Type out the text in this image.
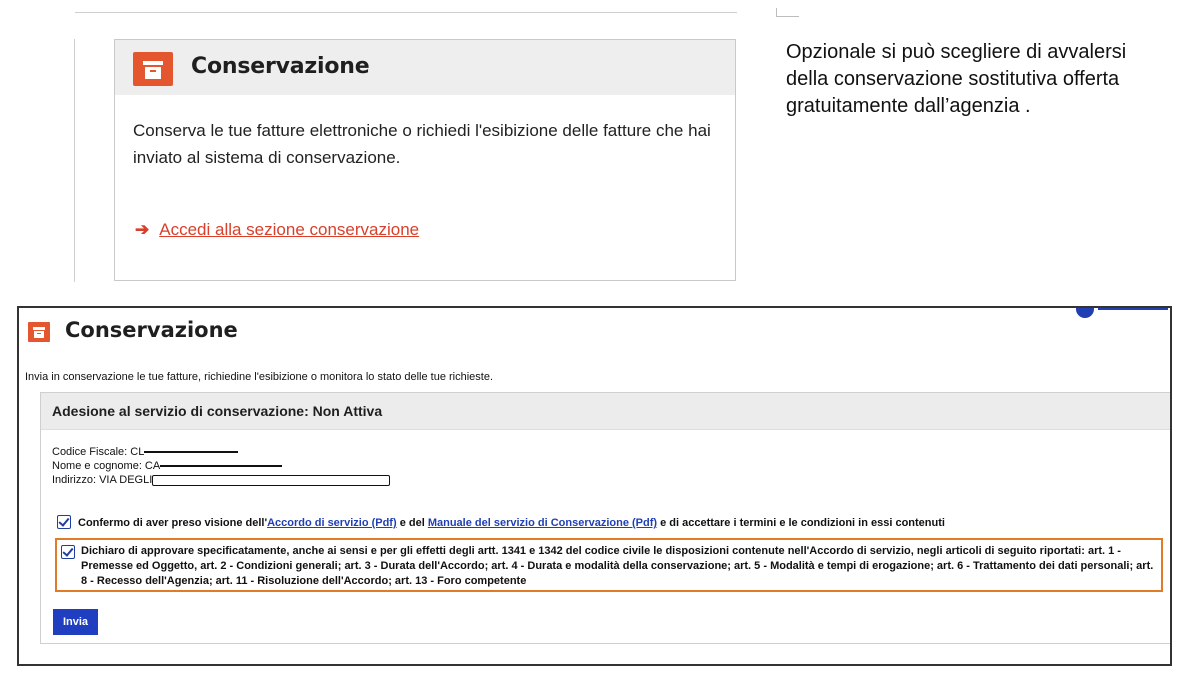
Conservazione
Conserva le tue fatture elettroniche o richiedi l'esibizione delle fatture che hai inviato al sistema di conservazione.
➔ Accedi alla sezione conservazione
Opzionale si può scegliere di avvalersi della conservazione sostitutiva offerta gratuitamente dall’agenzia .
Conservazione
Invia in conservazione le tue fatture, richiedine l'esibizione o monitora lo stato delle tue richieste.
Adesione al servizio di conservazione: Non Attiva
Codice Fiscale: CL
Nome e cognome: CA
Indirizzo: VIA DEGLI
Confermo di aver preso visione dell'Accordo di servizio (Pdf) e del Manuale del servizio di Conservazione (Pdf) e di accettare i termini e le condizioni in essi contenuti
Dichiaro di approvare specificatamente, anche ai sensi e per gli effetti degli artt. 1341 e 1342 del codice civile le disposizioni contenute nell'Accordo di servizio, negli articoli di seguito riportati: art. 1 - Premesse ed Oggetto, art. 2 - Condizioni generali; art. 3 - Durata dell'Accordo; art. 4 - Durata e modalità della conservazione; art. 5 - Modalità e tempi di erogazione; art. 6 - Trattamento dei dati personali; art. 8 - Recesso dell'Agenzia; art. 11 - Risoluzione dell'Accordo; art. 13 - Foro competente
Invia
